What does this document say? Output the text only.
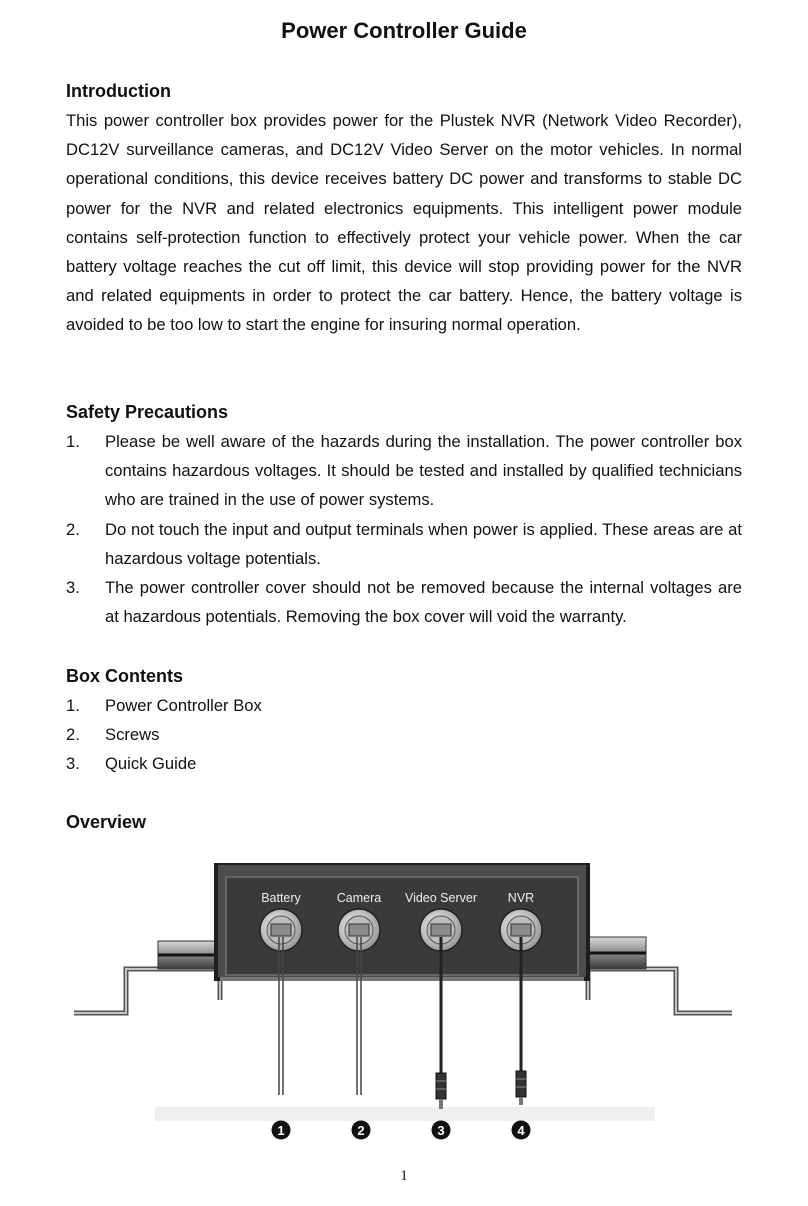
Power Controller Guide
Introduction

This power controller box provides power for the Plustek NVR (Network Video Recorder), DC12V surveillance cameras, and DC12V Video Server on the motor vehicles. In normal operational conditions, this device receives battery DC power and transforms to stable DC power for the NVR and related electronics equipments. This intelligent power module contains self-protection function to effectively protect your vehicle power. When the car battery voltage reaches the cut off limit, this device will stop providing power for the NVR and related equipments in order to protect the car battery. Hence, the battery voltage is avoided to be too low to start the engine for insuring normal operation.

Safety Precautions
1. Please be well aware of the hazards during the installation. The power controller box contains hazardous voltages. It should be tested and installed by qualified technicians who are trained in the use of power systems.
2. Do not touch the input and output terminals when power is applied. These areas are at hazardous voltage potentials.
3. The power controller cover should not be removed because the internal voltages are at hazardous potentials. Removing the box cover will void the warranty.
Box Contents
1. Power Controller Box
2. Screws
3. Quick Guide
Overview
Battery	Camera Video Server NVR
1	2	3	4

1
